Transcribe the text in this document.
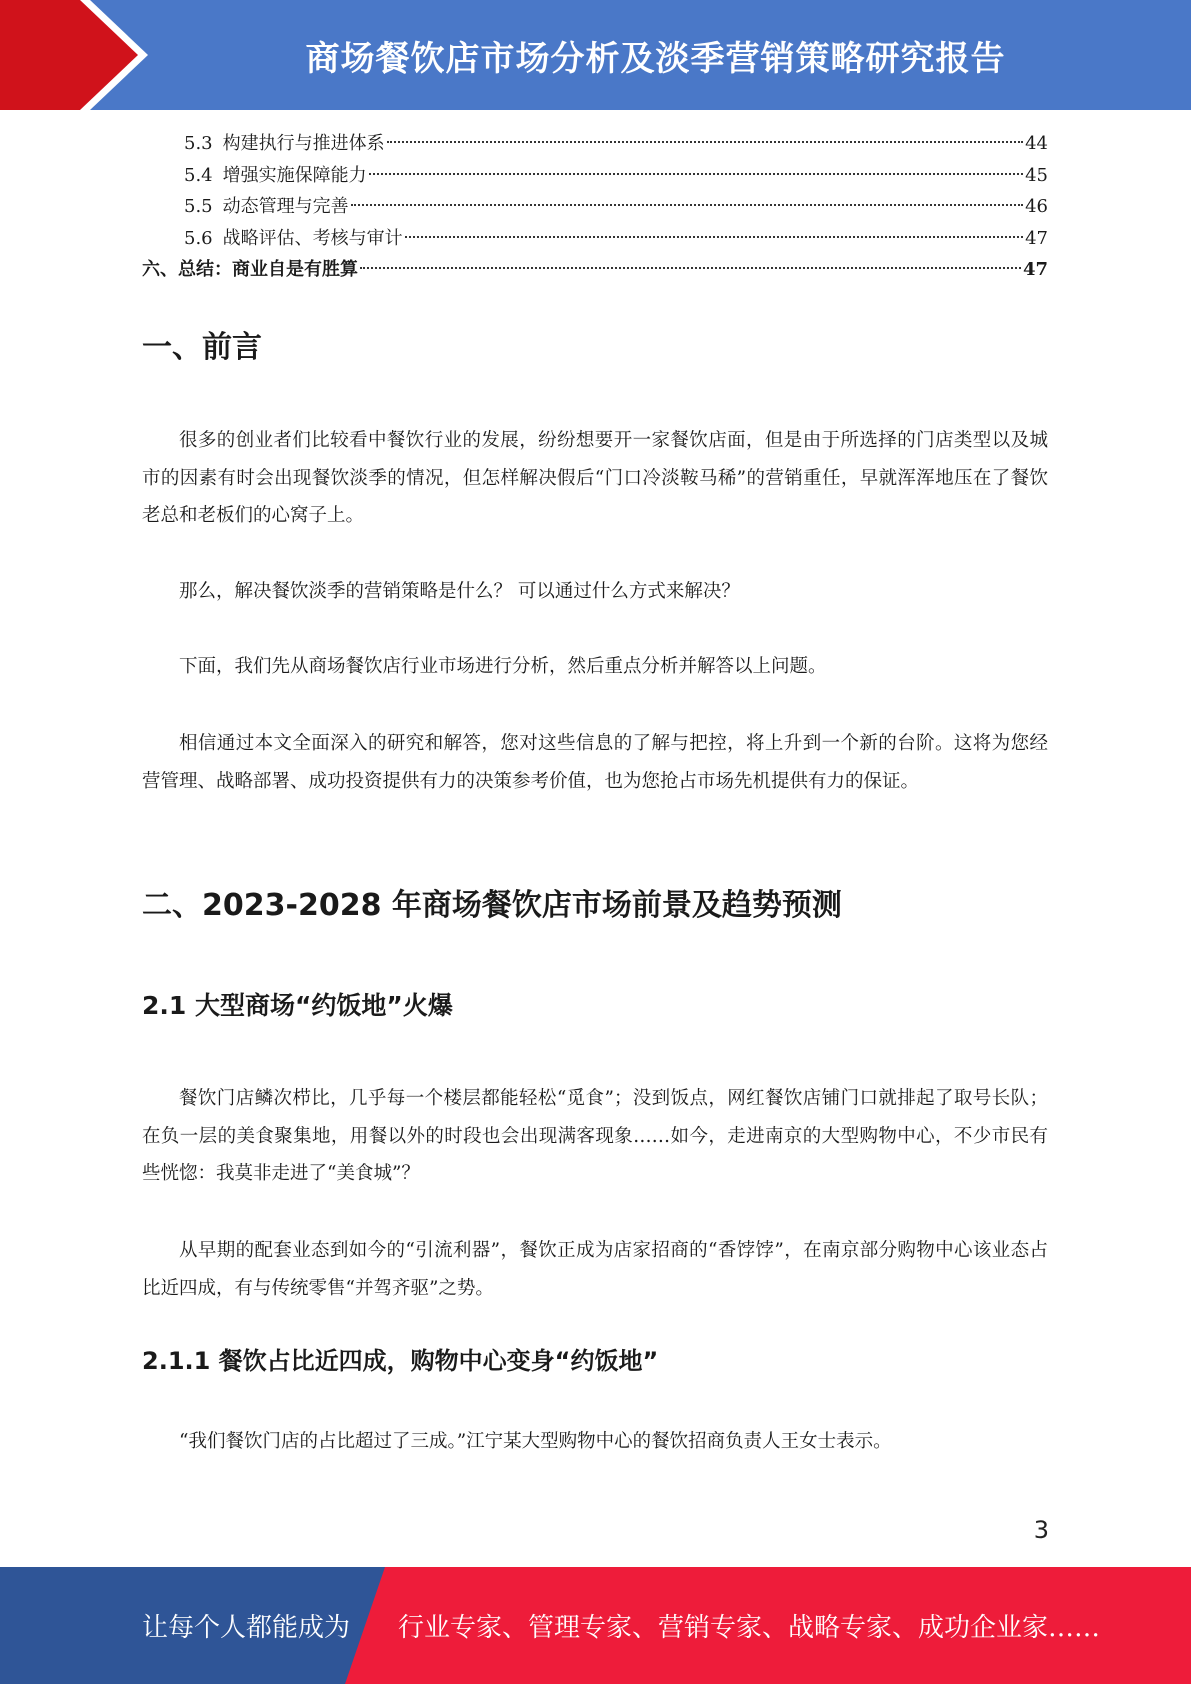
商场餐饮店市场分析及淡季营销策略研究报告
5.3 构建执行与推进体系	44
5.4 增强实施保障能力	45
5.5 动态管理与完善	46
5.6 战略评估、考核与审计	47
六、总结：商业自是有胜算	47
一、前言

很多的创业者们比较看中餐饮行业的发展，纷纷想要开一家餐饮店面，但是由于所选择的门店类型以及城市的因素有时会出现餐饮淡季的情况，但怎样解决假后“门口冷淡鞍马稀”的营销重任，早就浑浑地压在了餐饮老总和老板们的心窝子上。

那么，解决餐饮淡季的营销策略是什么？ 可以通过什么方式来解决？

下面，我们先从商场餐饮店行业市场进行分析，然后重点分析并解答以上问题。

相信通过本文全面深入的研究和解答，您对这些信息的了解与把控，将上升到一个新的台阶。这将为您经营管理、战略部署、成功投资提供有力的决策参考价值，也为您抢占市场先机提供有力的保证。

二、2023-2028 年商场餐饮店市场前景及趋势预测
2.1 大型商场“约饭地”火爆

餐饮门店鳞次栉比，几乎每一个楼层都能轻松“觅食”；没到饭点，网红餐饮店铺门口就排起了取号长队；在负一层的美食聚集地，用餐以外的时段也会出现满客现象……如今，走进南京的大型购物中心，不少市民有些恍惚：我莫非走进了“美食城”？

从早期的配套业态到如今的“引流利器”，餐饮正成为店家招商的“香饽饽”，在南京部分购物中心该业态占比近四成，有与传统零售“并驾齐驱”之势。

2.1.1 餐饮占比近四成，购物中心变身“约饭地”

“我们餐饮门店的占比超过了三成。”江宁某大型购物中心的餐饮招商负责人王女士表示。

3
让每个人都能成为 行业专家、管理专家、营销专家、战略专家、成功企业家……
